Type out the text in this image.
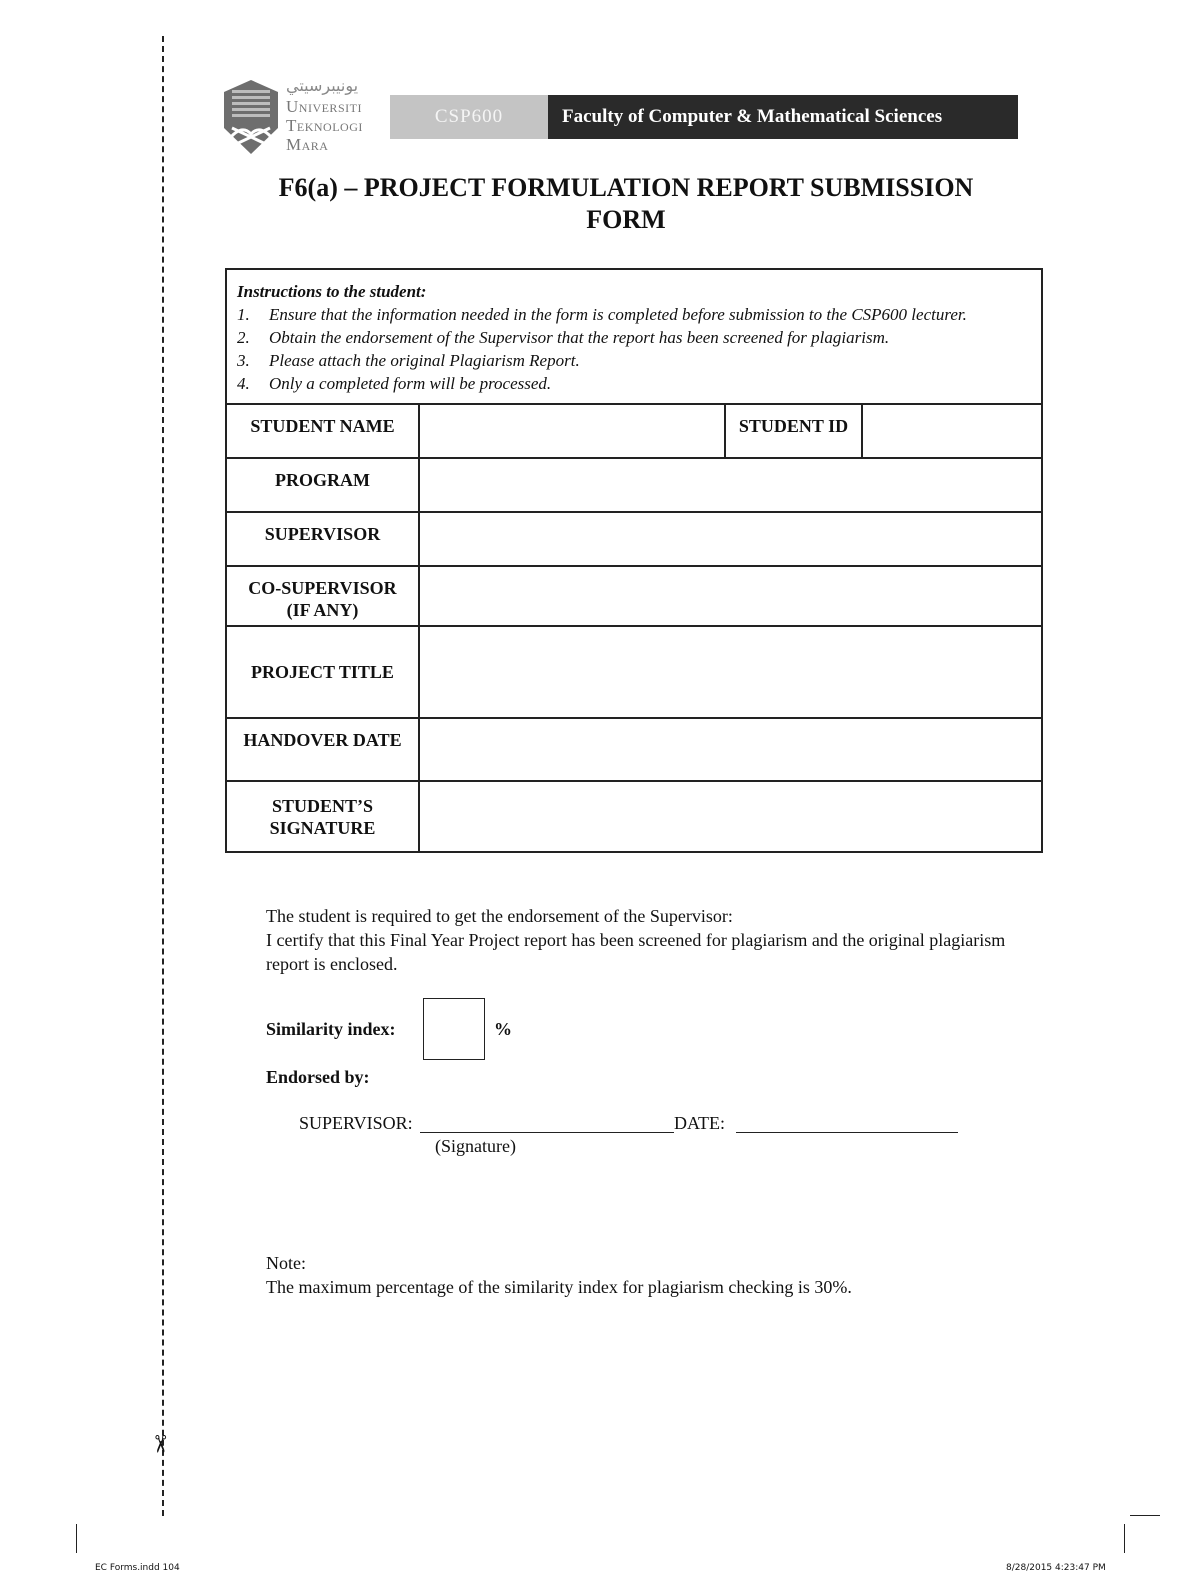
✂
ﯾﻮﻧﯿﺒﺮﺳﯿﺘﻲ
Universiti
Teknologi
Mara
CSP600	Faculty of Computer & Mathematical Sciences
F6(a) – PROJECT FORMULATION REPORT SUBMISSION
FORM
Instructions to the student:
1.	Ensure that the information needed in the form is completed before submission to the CSP600 lecturer.
2.	Obtain the endorsement of the Supervisor that the report has been screened for plagiarism.
3.	Please attach the original Plagiarism Report.
4.	Only a completed form will be processed.
STUDENT NAME		STUDENT ID	
PROGRAM			
SUPERVISOR			

CO-SUPERVISOR
(IF ANY)			

PROJECT TITLE			
HANDOVER DATE			

STUDENT’S
SIGNATURE			

The student is required to get the endorsement of the Supervisor:
I certify that this Final Year Project report has been screened for plagiarism and the original plagiarism report is enclosed.
Similarity index:	%
Endorsed by:
SUPERVISOR:	DATE:
(Signature)
Note:
The maximum percentage of the similarity index for plagiarism checking is 30%.
EC Forms.indd 104	8/28/2015 4:23:47 PM
